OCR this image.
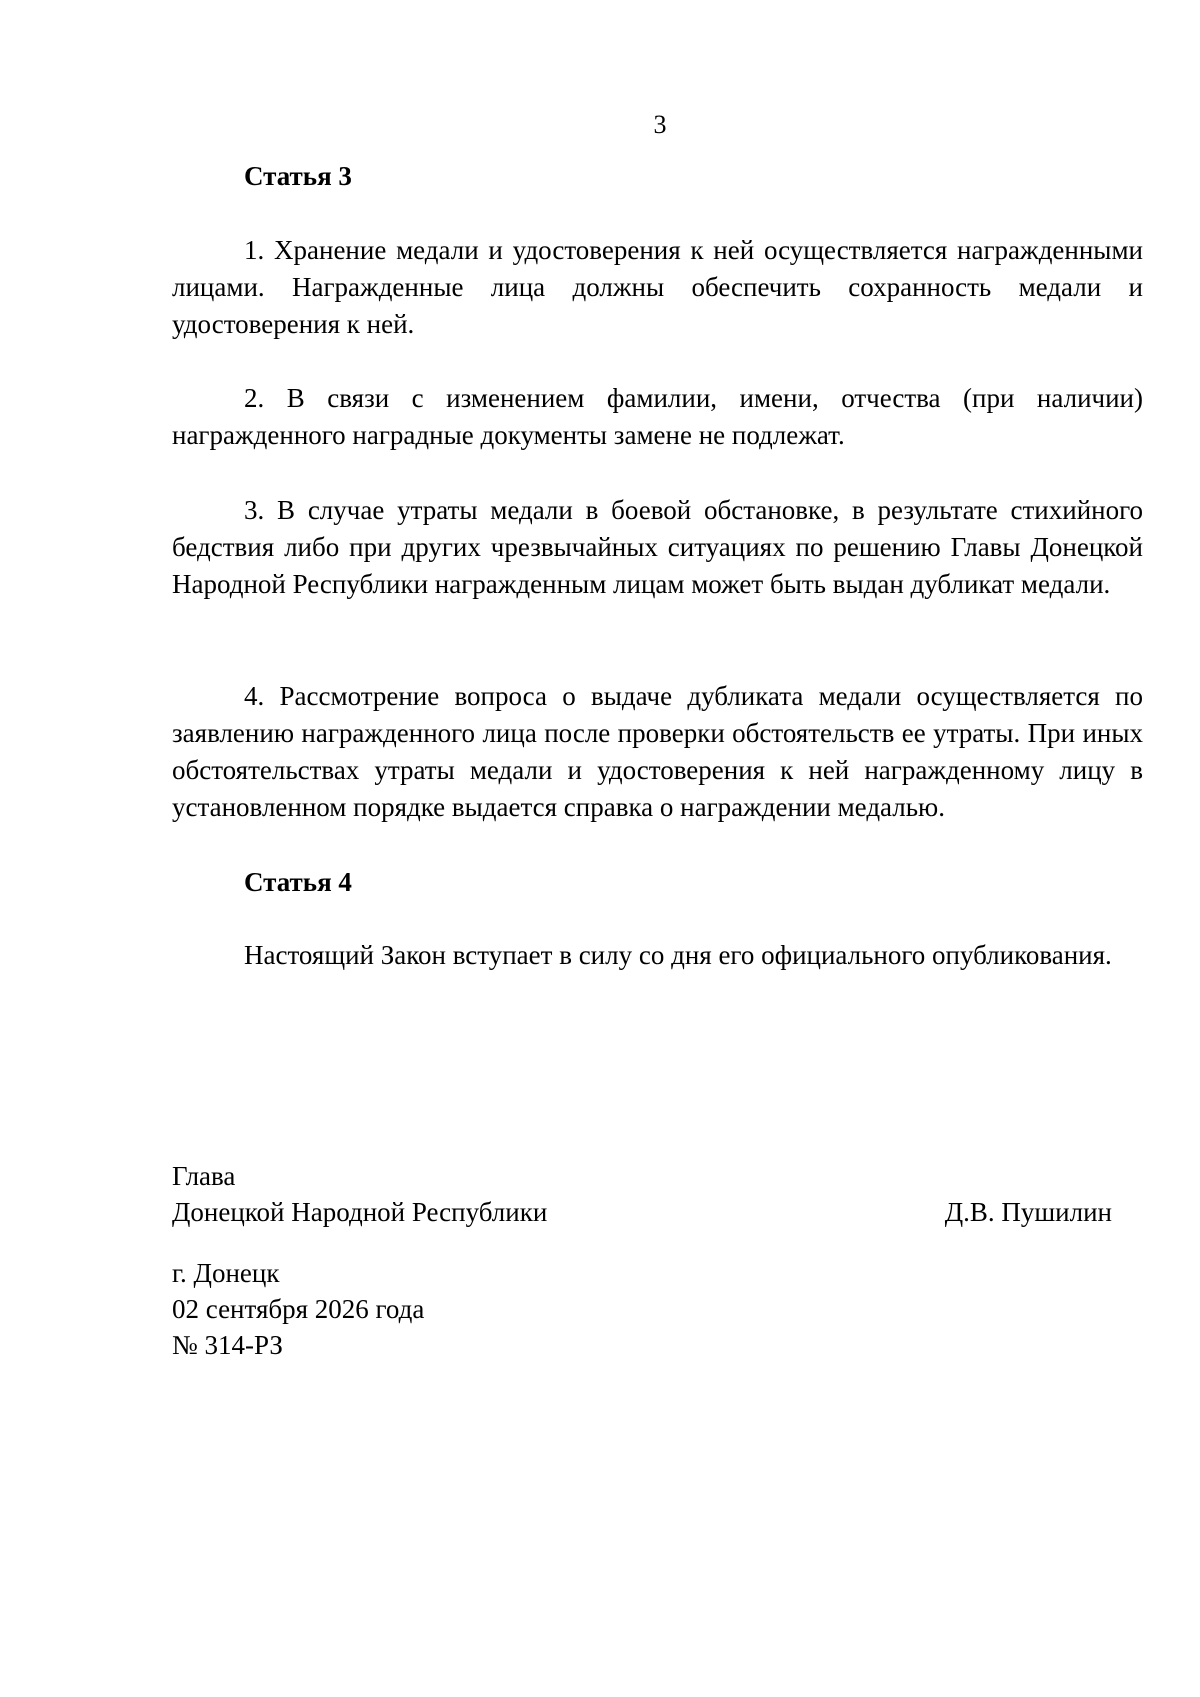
3
Статья 3

1. Хранение медали и удостоверения к ней осуществляется награжденными лицами. Награжденные лица должны обеспечить сохранность медали и удостоверения к ней.

2. В связи с изменением фамилии, имени, отчества (при наличии) награжденного наградные документы замене не подлежат.

3. В случае утраты медали в боевой обстановке, в результате стихийного бедствия либо при других чрезвычайных ситуациях по решению Главы Донецкой Народной Республики награжденным лицам может быть выдан дубликат медали.

4. Рассмотрение вопроса о выдаче дубликата медали осуществляется по заявлению награжденного лица после проверки обстоятельств ее утраты. При иных обстоятельствах утраты медали и удостоверения к ней награжденному лицу в установленном порядке выдается справка о награждении медалью.

Статья 4

Настоящий Закон вступает в силу со дня его официального опубликования.

Глава
Донецкой Народной Республики	Д.В. Пушилин
г. Донецк
02 сентября 2026 года
№ 314-РЗ
